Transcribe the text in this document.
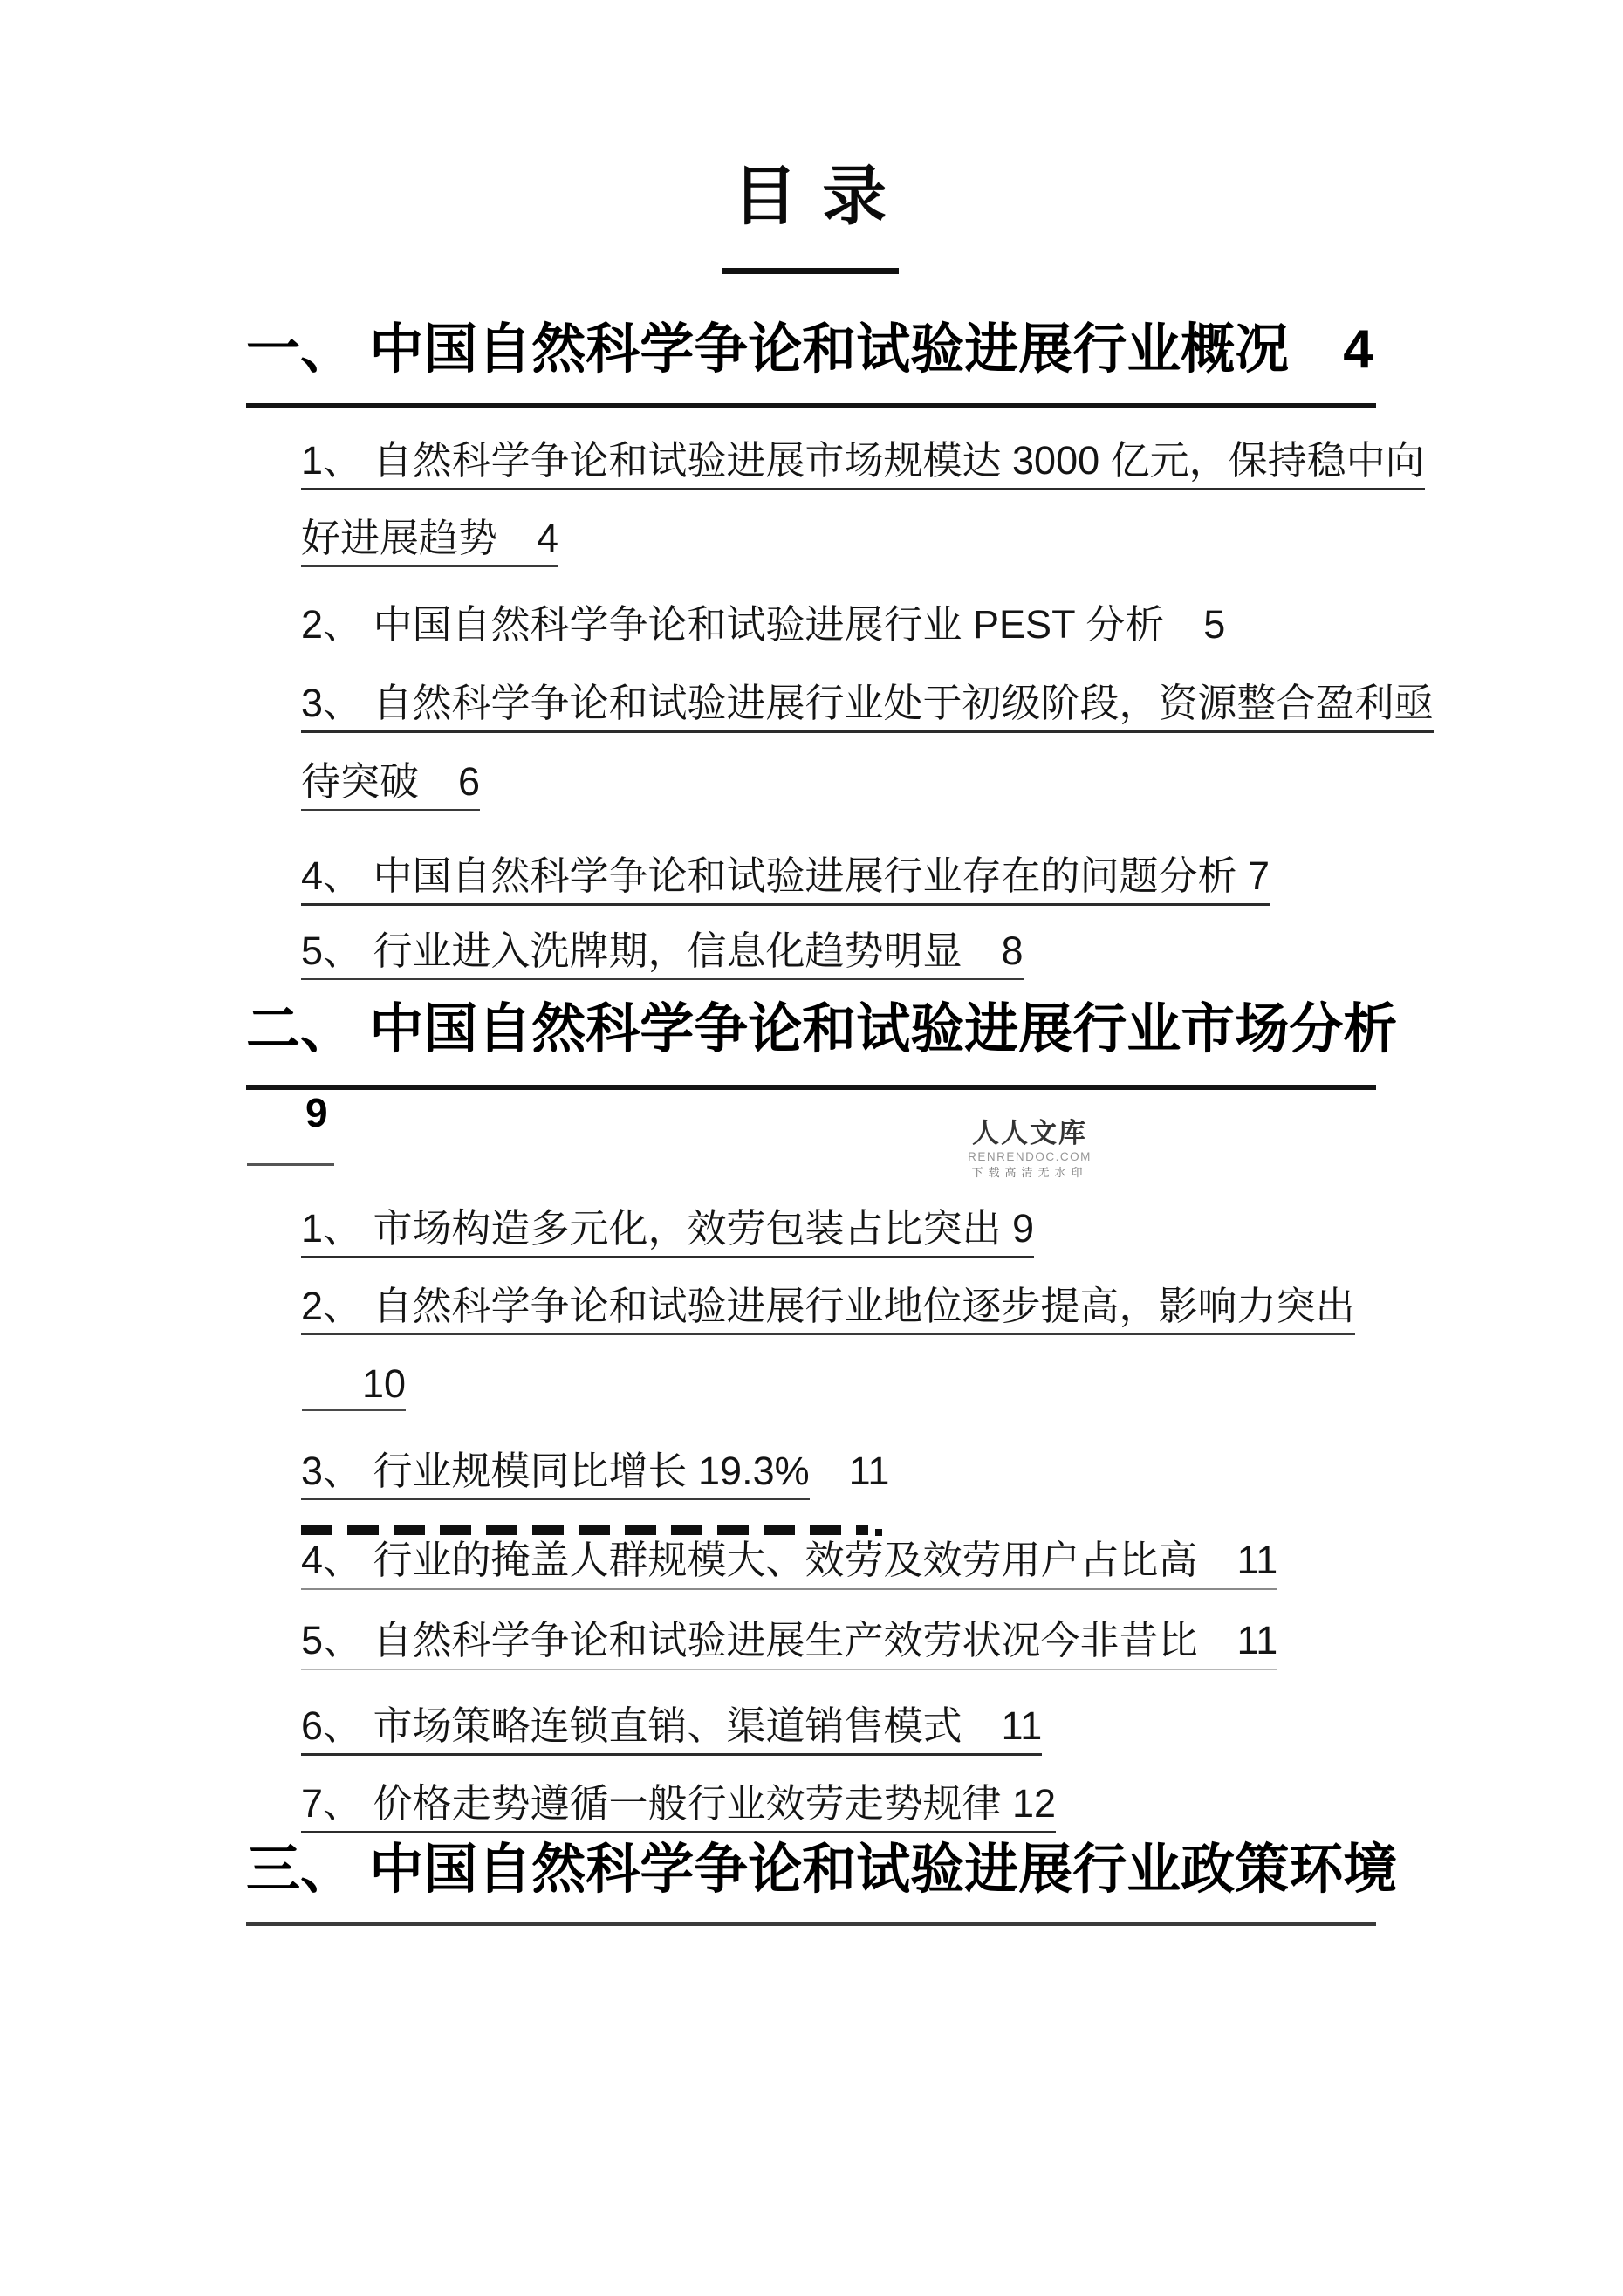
目 录
一、 中国自然科学争论和试验进展行业概况　4
1、 自然科学争论和试验进展市场规模达 3000 亿元，保持稳中向
好进展趋势　4
2、 中国自然科学争论和试验进展行业 PEST 分析　5
3、 自然科学争论和试验进展行业处于初级阶段，资源整合盈利亟
待突破　6
4、 中国自然科学争论和试验进展行业存在的问题分析 7
5、 行业进入洗牌期，信息化趋势明显　8
二、 中国自然科学争论和试验进展行业市场分析
9	人人文库
RENRENDOC.COM
下载高清无水印
1、 市场构造多元化，效劳包装占比突出 9
2、 自然科学争论和试验进展行业地位逐步提高，影响力突出
10
3、 行业规模同比增长 19.3%　11
4、 行业的掩盖人群规模大、效劳及效劳用户占比高　11
5、 自然科学争论和试验进展生产效劳状况今非昔比　11
6、 市场策略连锁直销、渠道销售模式　11
7、 价格走势遵循一般行业效劳走势规律 12
三、 中国自然科学争论和试验进展行业政策环境
